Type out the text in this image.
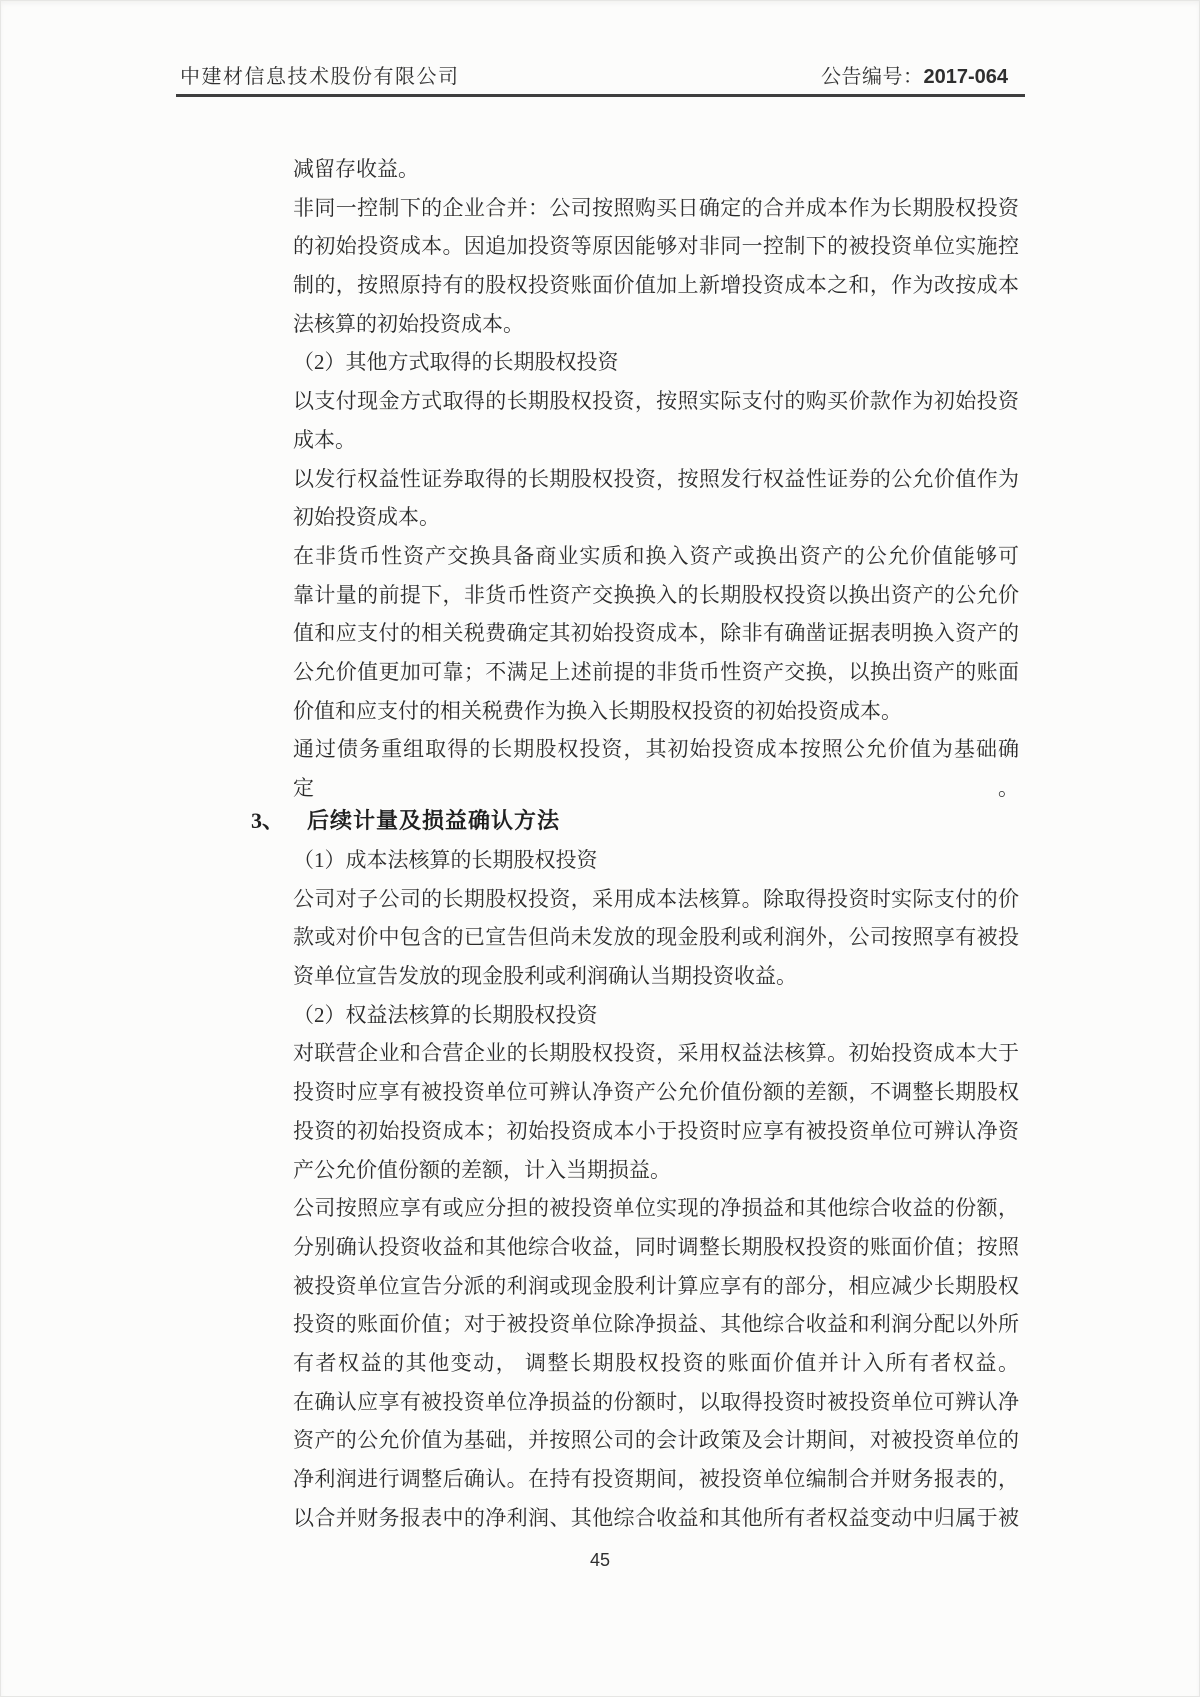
中建材信息技术股份有限公司	公告编号：2017-064
减留存收益。
非同一控制下的企业合并：公司按照购买日确定的合并成本作为长期股权投资
的初始投资成本。因追加投资等原因能够对非同一控制下的被投资单位实施控
制的，按照原持有的股权投资账面价值加上新增投资成本之和，作为改按成本
法核算的初始投资成本。
（2）其他方式取得的长期股权投资
以支付现金方式取得的长期股权投资，按照实际支付的购买价款作为初始投资
成本。
以发行权益性证券取得的长期股权投资，按照发行权益性证券的公允价值作为
初始投资成本。
在非货币性资产交换具备商业实质和换入资产或换出资产的公允价值能够可
靠计量的前提下，非货币性资产交换换入的长期股权投资以换出资产的公允价
值和应支付的相关税费确定其初始投资成本，除非有确凿证据表明换入资产的
公允价值更加可靠；不满足上述前提的非货币性资产交换，以换出资产的账面
价值和应支付的相关税费作为换入长期股权投资的初始投资成本。
通过债务重组取得的长期股权投资，其初始投资成本按照公允价值为基础确定。
3、 后续计量及损益确认方法
（1）成本法核算的长期股权投资
公司对子公司的长期股权投资，采用成本法核算。除取得投资时实际支付的价
款或对价中包含的已宣告但尚未发放的现金股利或利润外，公司按照享有被投
资单位宣告发放的现金股利或利润确认当期投资收益。
（2）权益法核算的长期股权投资
对联营企业和合营企业的长期股权投资，采用权益法核算。初始投资成本大于
投资时应享有被投资单位可辨认净资产公允价值份额的差额，不调整长期股权
投资的初始投资成本；初始投资成本小于投资时应享有被投资单位可辨认净资
产公允价值份额的差额，计入当期损益。
公司按照应享有或应分担的被投资单位实现的净损益和其他综合收益的份额，
分别确认投资收益和其他综合收益，同时调整长期股权投资的账面价值；按照
被投资单位宣告分派的利润或现金股利计算应享有的部分，相应减少长期股权
投资的账面价值；对于被投资单位除净损益、其他综合收益和利润分配以外所
有者权益的其他变动， 调整长期股权投资的账面价值并计入所有者权益。
在确认应享有被投资单位净损益的份额时，以取得投资时被投资单位可辨认净
资产的公允价值为基础，并按照公司的会计政策及会计期间，对被投资单位的
净利润进行调整后确认。在持有投资期间，被投资单位编制合并财务报表的，
以合并财务报表中的净利润、其他综合收益和其他所有者权益变动中归属于被
45
